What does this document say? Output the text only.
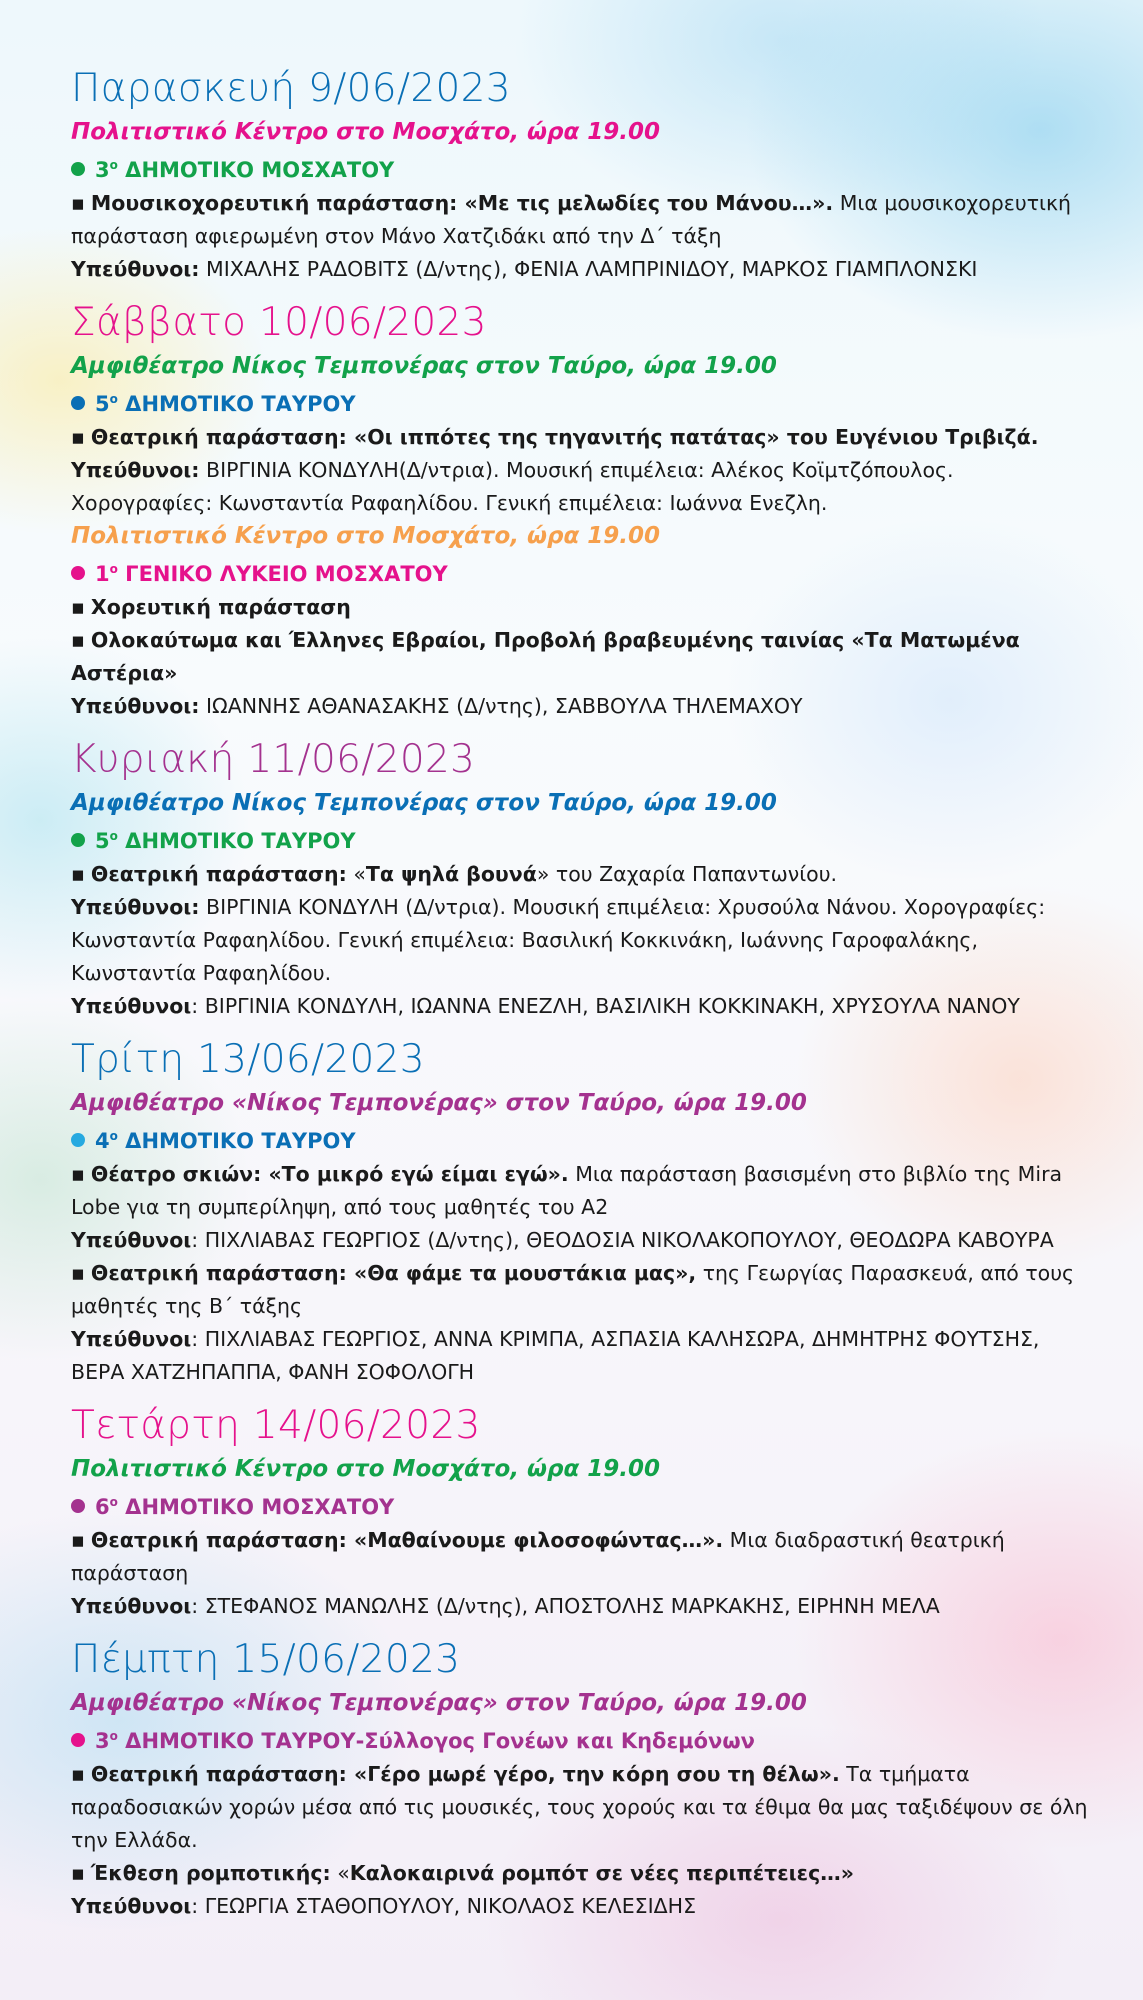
Παρασκευή 9/06/2023
Πολιτιστικό Κέντρο στο Μοσχάτο, ώρα 19.00
$3^o$ ΔΗΜΟΤΙΚΟ ΜΟΣΧΑΤΟΥ
▪ Μουσικοχορευτική παράσταση: «Με τις μελωδίες του Μάνου…». Μια μουσικοχορευτική παράσταση αφιερωμένη στον Μάνο Χατζιδάκι από την Δ΄ τάξη
Υπεύθυνοι: ΜΙΧΑΛΗΣ ΡΑΔΟΒΙΤΣ (Δ/ντης), ΦΕΝΙΑ ΛΑΜΠΡΙΝΙΔΟΥ, ΜΑΡΚΟΣ ΓΙΑΜΠΛΟΝΣΚΙ
Σάββατο 10/06/2023
Αμφιθέατρο Νίκος Τεμπονέρας στον Ταύρο, ώρα 19.00
$5^o$ ΔΗΜΟΤΙΚΟ ΤΑΥΡΟΥ
▪ Θεατρική παράσταση: «Οι ιππότες της τηγανιτής πατάτας» του Ευγένιου Τριβιζά.
Υπεύθυνοι: ΒΙΡΓΙΝΙΑ ΚΟΝΔΥΛΗ(Δ/ντρια). Μουσική επιμέλεια: Αλέκος Κοϊμτζόπουλος. Χορογραφίες: Κωνσταντία Ραφαηλίδου. Γενική επιμέλεια: Ιωάννα Ενεζλη.
Πολιτιστικό Κέντρο στο Μοσχάτο, ώρα 19.00
$1^o$ ΓΕΝΙΚΟ ΛΥΚΕΙΟ ΜΟΣΧΑΤΟΥ
▪ Χορευτική παράσταση
▪ Ολοκαύτωμα και Έλληνες Εβραίοι, Προβολή βραβευμένης ταινίας «Τα Ματωμένα Αστέρια»
Υπεύθυνοι: ΙΩΑΝΝΗΣ ΑΘΑΝΑΣΑΚΗΣ (Δ/ντης), ΣΑΒΒΟΥΛΑ ΤΗΛΕΜΑΧΟΥ
Κυριακή 11/06/2023
Αμφιθέατρο Νίκος Τεμπονέρας στον Ταύρο, ώρα 19.00
$5^o$ ΔΗΜΟΤΙΚΟ ΤΑΥΡΟΥ
▪ Θεατρική παράσταση: «Τα ψηλά βουνά» του Ζαχαρία Παπαντωνίου.
Υπεύθυνοι: ΒΙΡΓΙΝΙΑ ΚΟΝΔΥΛΗ (Δ/ντρια). Μουσική επιμέλεια: Χρυσούλα Νάνου. Χορογραφίες: Κωνσταντία Ραφαηλίδου. Γενική επιμέλεια: Βασιλική Κοκκινάκη, Ιωάννης Γαροφαλάκης, Κωνσταντία Ραφαηλίδου.
Υπεύθυνοι: ΒΙΡΓΙΝΙΑ ΚΟΝΔΥΛΗ, ΙΩΑΝΝΑ ΕΝΕΖΛΗ, ΒΑΣΙΛΙΚΗ ΚΟΚΚΙΝΑΚΗ, ΧΡΥΣΟΥΛΑ ΝΑΝΟΥ
Τρίτη 13/06/2023
Αμφιθέατρο «Νίκος Τεμπονέρας» στον Ταύρο, ώρα 19.00
$4^o$ ΔΗΜΟΤΙΚΟ ΤΑΥΡΟΥ
▪ Θέατρο σκιών: «Το μικρό εγώ είμαι εγώ». Μια παράσταση βασισμένη στο βιβλίο της Mira Lobe για τη συμπερίληψη, από τους μαθητές του Α2
Υπεύθυνοι: ΠΙΧΛΙΑΒΑΣ ΓΕΩΡΓΙΟΣ (Δ/ντης), ΘΕΟΔΟΣΙΑ ΝΙΚΟΛΑΚΟΠΟΥΛΟΥ, ΘΕΟΔΩΡΑ ΚΑΒΟΥΡΑ
▪ Θεατρική παράσταση: «Θα φάμε τα μουστάκια μας», της Γεωργίας Παρασκευά, από τους μαθητές της Β΄ τάξης
Υπεύθυνοι: ΠΙΧΛΙΑΒΑΣ ΓΕΩΡΓΙΟΣ, ΑΝΝΑ ΚΡΙΜΠΑ, ΑΣΠΑΣΙΑ ΚΑΛΗΣΩΡΑ, ΔΗΜΗΤΡΗΣ ΦΟΥΤΣΗΣ, ΒΕΡΑ ΧΑΤΖΗΠΑΠΠΑ, ΦΑΝΗ ΣΟΦΟΛΟΓΗ
Τετάρτη 14/06/2023
Πολιτιστικό Κέντρο στο Μοσχάτο, ώρα 19.00
$6^o$ ΔΗΜΟΤΙΚΟ ΜΟΣΧΑΤΟΥ
▪ Θεατρική παράσταση: «Μαθαίνουμε φιλοσοφώντας…». Μια διαδραστική θεατρική παράσταση
Υπεύθυνοι: ΣΤΕΦΑΝΟΣ ΜΑΝΩΛΗΣ (Δ/ντης), ΑΠΟΣΤΟΛΗΣ ΜΑΡΚΑΚΗΣ, ΕΙΡΗΝΗ ΜΕΛΑ
Πέμπτη 15/06/2023
Αμφιθέατρο «Νίκος Τεμπονέρας» στον Ταύρο, ώρα 19.00
$3^o$ ΔΗΜΟΤΙΚΟ ΤΑΥΡΟΥ-Σύλλογος Γονέων και Κηδεμόνων
▪ Θεατρική παράσταση: «Γέρο μωρέ γέρο, την κόρη σου τη θέλω». Τα τμήματα παραδοσιακών χορών μέσα από τις μουσικές, τους χορούς και τα έθιμα θα μας ταξιδέψουν σε όλη την Ελλάδα.
▪ Έκθεση ρομποτικής: «Καλοκαιρινά ρομπότ σε νέες περιπέτειες…»
Υπεύθυνοι: ΓΕΩΡΓΙΑ ΣΤΑΘΟΠΟΥΛΟΥ, ΝΙΚΟΛΑΟΣ ΚΕΛΕΣΙΔΗΣ
